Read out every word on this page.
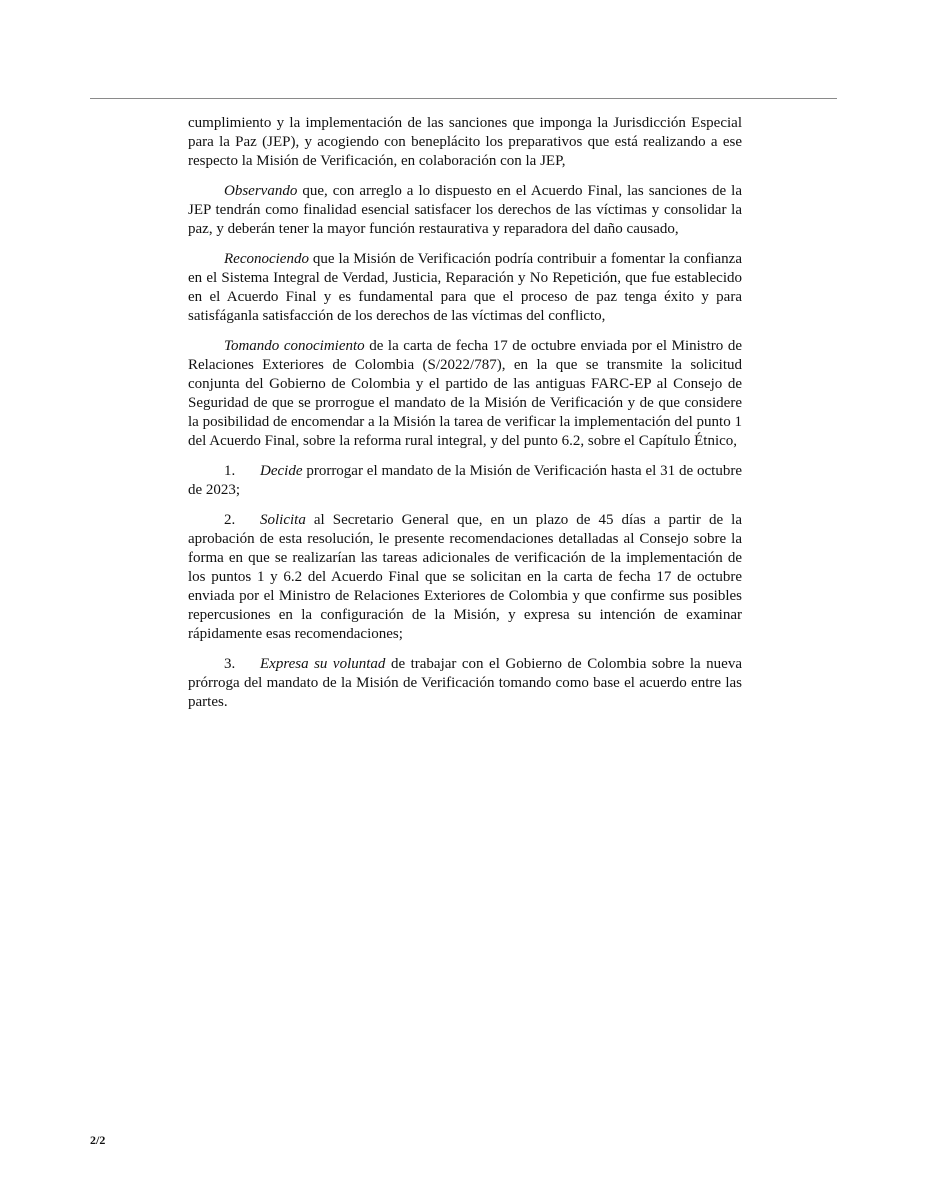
cumplimiento y la implementación de las sanciones que imponga la Jurisdicción Especial para la Paz (JEP), y acogiendo con beneplácito los preparativos que está realizando a ese respecto la Misión de Verificación, en colaboración con la JEP,

Observando que, con arreglo a lo dispuesto en el Acuerdo Final, las sanciones de la JEP tendrán como finalidad esencial satisfacer los derechos de las víctimas y consolidar la paz, y deberán tener la mayor función restaurativa y reparadora del daño causado,

Reconociendo que la Misión de Verificación podría contribuir a fomentar la confianza en el Sistema Integral de Verdad, Justicia, Reparación y No Repetición, que fue establecido en el Acuerdo Final y es fundamental para que el proceso de paz tenga éxito y para satisfáganla satisfacción de los derechos de las víctimas del conflicto,

Tomando conocimiento de la carta de fecha 17 de octubre enviada por el Ministro de Relaciones Exteriores de Colombia (S/2022/787), en la que se transmite la solicitud conjunta del Gobierno de Colombia y el partido de las antiguas FARC-EP al Consejo de Seguridad de que se prorrogue el mandato de la Misión de Verificación y de que considere la posibilidad de encomendar a la Misión la tarea de verificar la implementación del punto 1 del Acuerdo Final, sobre la reforma rural integral, y del punto 6.2, sobre el Capítulo Étnico,

1. Decide prorrogar el mandato de la Misión de Verificación hasta el 31 de octubre de 2023;

2. Solicita al Secretario General que, en un plazo de 45 días a partir de la aprobación de esta resolución, le presente recomendaciones detalladas al Consejo sobre la forma en que se realizarían las tareas adicionales de verificación de la implementación de los puntos 1 y 6.2 del Acuerdo Final que se solicitan en la carta de fecha 17 de octubre enviada por el Ministro de Relaciones Exteriores de Colombia y que confirme sus posibles repercusiones en la configuración de la Misión, y expresa su intención de examinar rápidamente esas recomendaciones;

3. Expresa su voluntad de trabajar con el Gobierno de Colombia sobre la nueva prórroga del mandato de la Misión de Verificación tomando como base el acuerdo entre las partes.

2/2
